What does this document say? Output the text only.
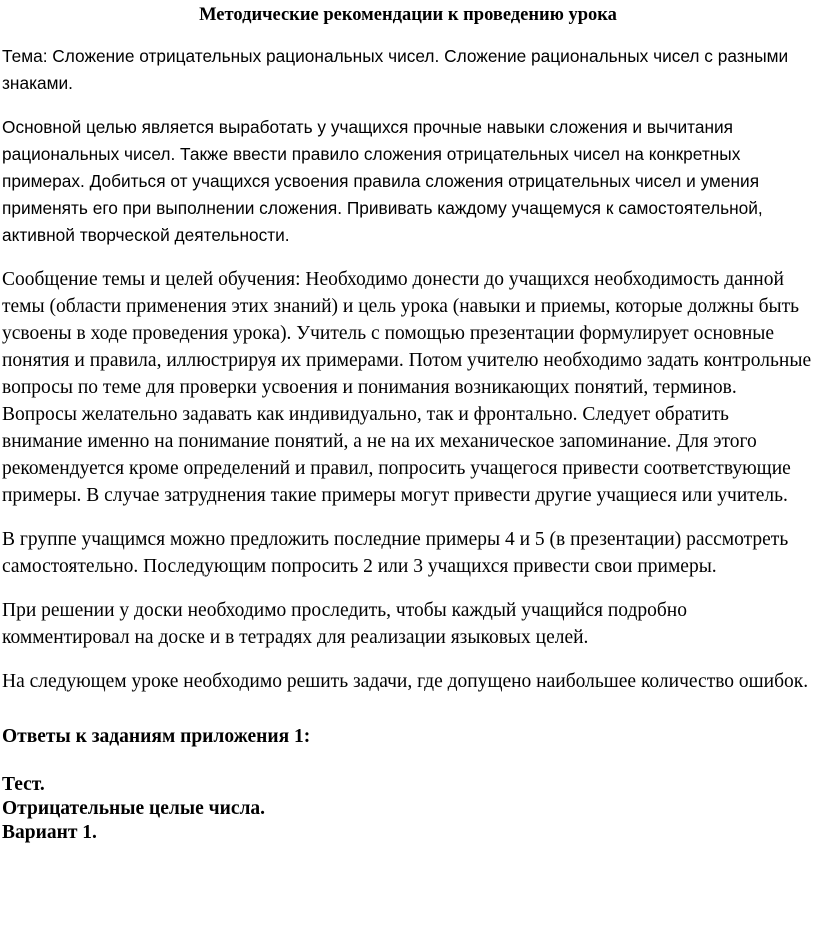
Методические рекомендации к проведению урока

Тема: Сложение отрицательных рациональных чисел. Сложение рациональных чисел с разными знаками.

Основной целью является выработать у учащихся прочные навыки сложения и вычитания рациональных чисел. Также ввести правило сложения отрицательных чисел на конкретных примерах. Добиться от учащихся усвоения правила сложения отрицательных чисел и умения применять его при выполнении сложения. Прививать каждому учащемуся к самостоятельной, активной творческой деятельности.

Сообщение темы и целей обучения: Необходимо донести до учащихся необходимость данной темы (области применения этих знаний) и цель урока (навыки и приемы, которые должны быть усвоены в ходе проведения урока). Учитель с помощью презентации формулирует основные понятия и правила, иллюстрируя их примерами. Потом учителю необходимо задать контрольные вопросы по теме для проверки усвоения и понимания возникающих понятий, терминов. Вопросы желательно задавать как индивидуально, так и фронтально. Следует обратить внимание именно на понимание понятий, а не на их механическое запоминание. Для этого рекомендуется кроме определений и правил, попросить учащегося привести соответствующие примеры. В случае затруднения такие примеры могут привести другие учащиеся или учитель.

В группе учащимся можно предложить последние примеры 4 и 5 (в презентации) рассмотреть самостоятельно. Последующим попросить 2 или 3 учащихся привести свои примеры.

При решении у доски необходимо проследить, чтобы каждый учащийся подробно комментировал на доске и в тетрадях для реализации языковых целей.

На следующем уроке необходимо решить задачи, где допущено наибольшее количество ошибок.

Ответы к заданиям приложения 1:

Тест.

Отрицательные целые числа.

Вариант 1.
